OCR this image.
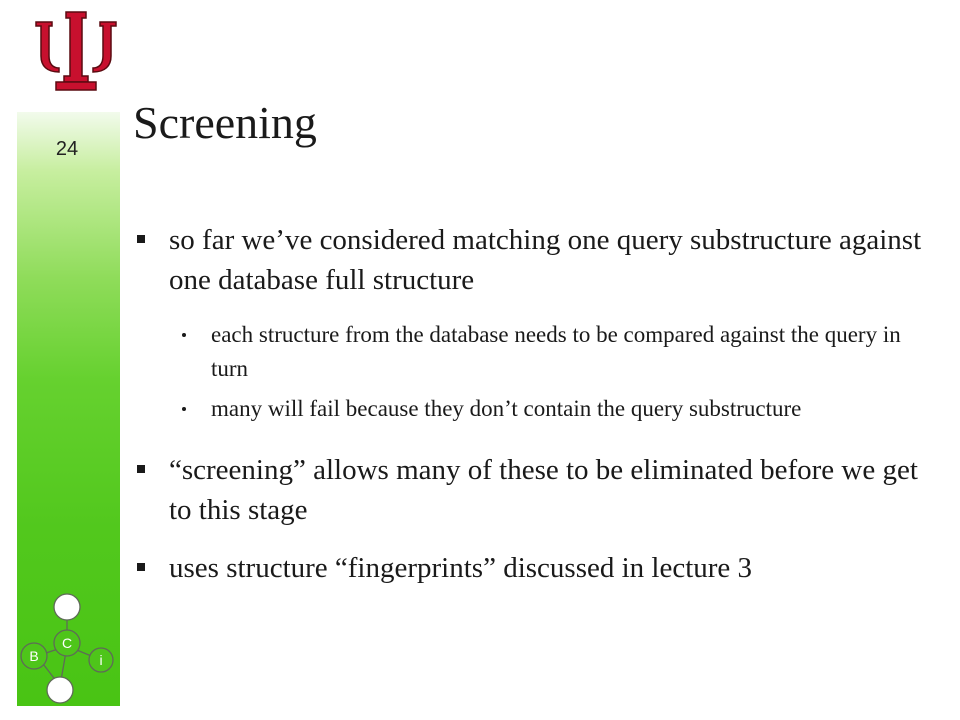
24
B
C
i
Screening
so far we’ve considered matching one query substructure against one database full structure
each structure from the database needs to be compared against the query in turn
many will fail because they don’t contain the query substructure
“screening” allows many of these to be eliminated before we get to this stage
uses structure “fingerprints” discussed in lecture 3
